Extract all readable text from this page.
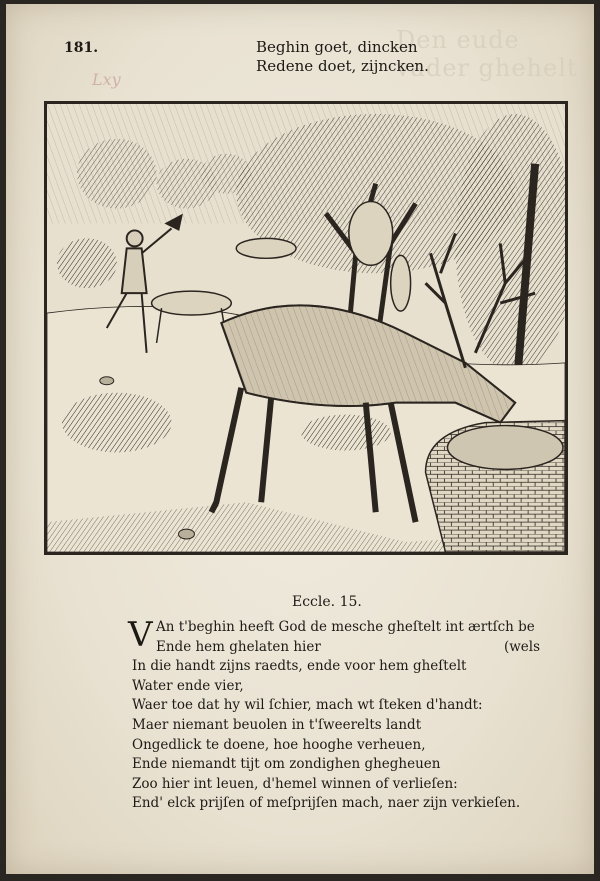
Den eude vader ghehelt
181.
Lxy
Beghin goet, dincken
Redene doet, zijncken.
Eccle. 15.
V An t'beghin heeft God de mesche gheſtelt int ærtſch be
Ende hem ghelaten hier	(wels
In die handt zijns raedts, ende voor hem gheſtelt
Water ende vier,
Waer toe dat hy wil ſchier, mach wt ſteken d'handt:
Maer niemant beuolen in t'ſweerelts landt
Ongedlick te doene, hoe hooghe verheuen,
Ende niemandt tijt om zondighen ghegheuen
Zoo hier int leuen, d'hemel winnen of verlieſen:
End' elck prijſen of meſprijſen mach, naer zijn verkieſen.
